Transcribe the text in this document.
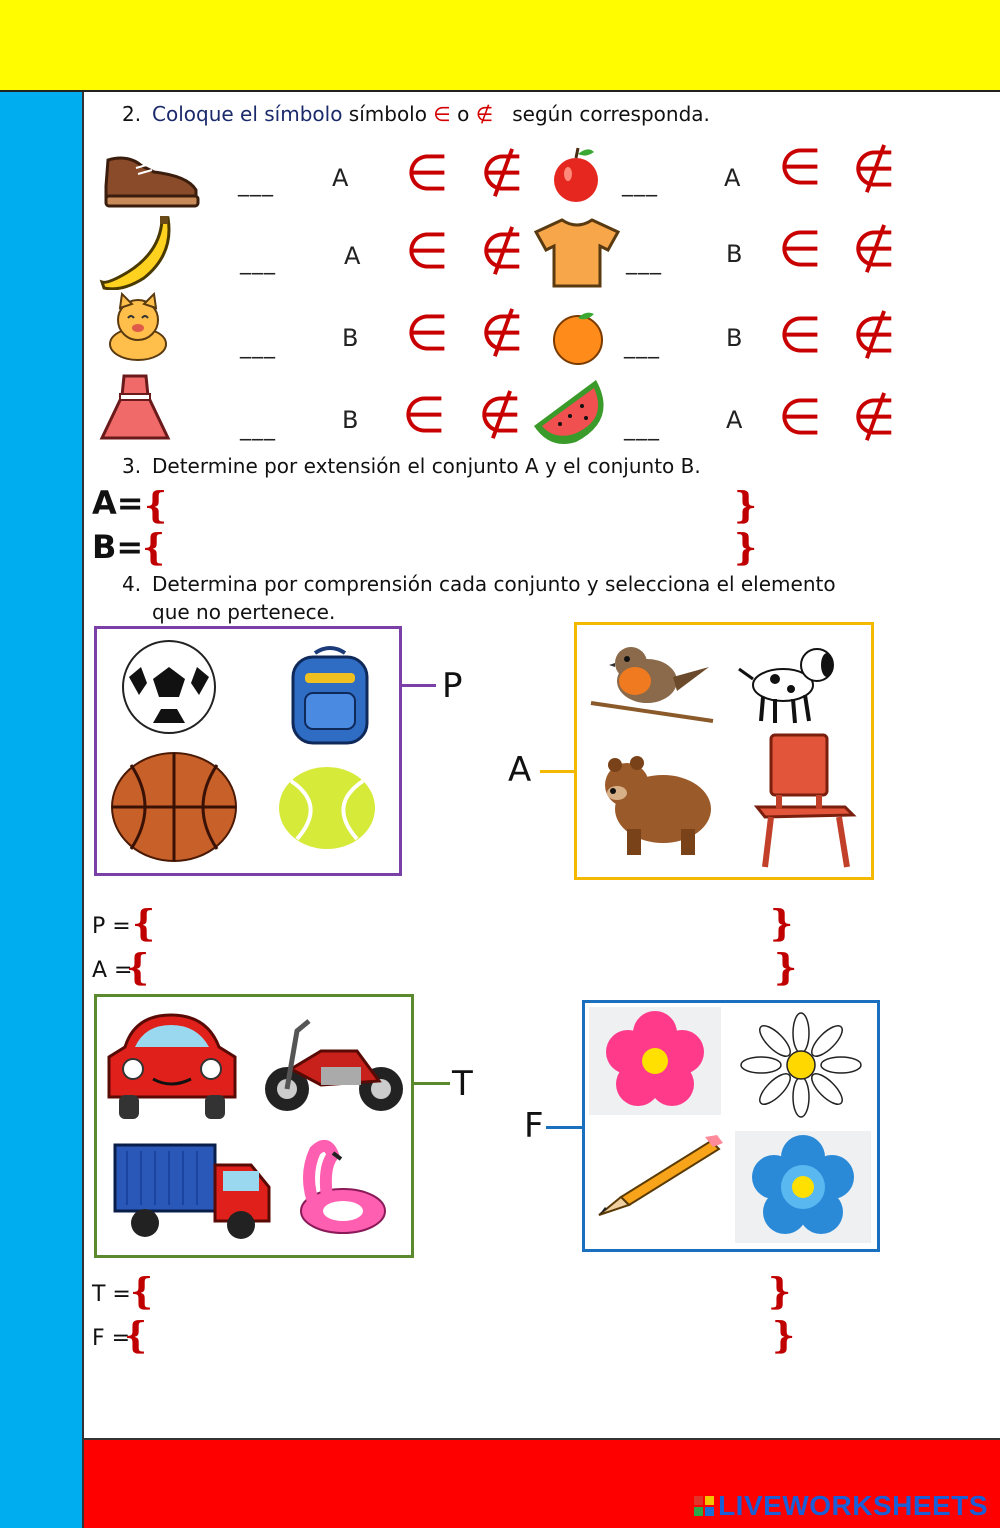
2. Coloque el símbolo símbolo ∈ o ∉ según corresponda.
___ A ∈ ∉	___	A ∈ ∉
___	A ∈ ∉	___	B ∈ ∉
___	B ∈ ∉	___	B ∈ ∉
___	B ∈ ∉	___	A ∈ ∉
3. Determine por extensión el conjunto A y el conjunto B.
A= {	}
B=
{	}
4. Determina por comprensión cada conjunto y selecciona el elemento
que no pertenece.
P
A
P = {	}
A =
{	}
T
F
T = {	}
F =
{	}
LIVEWORKSHEETS
